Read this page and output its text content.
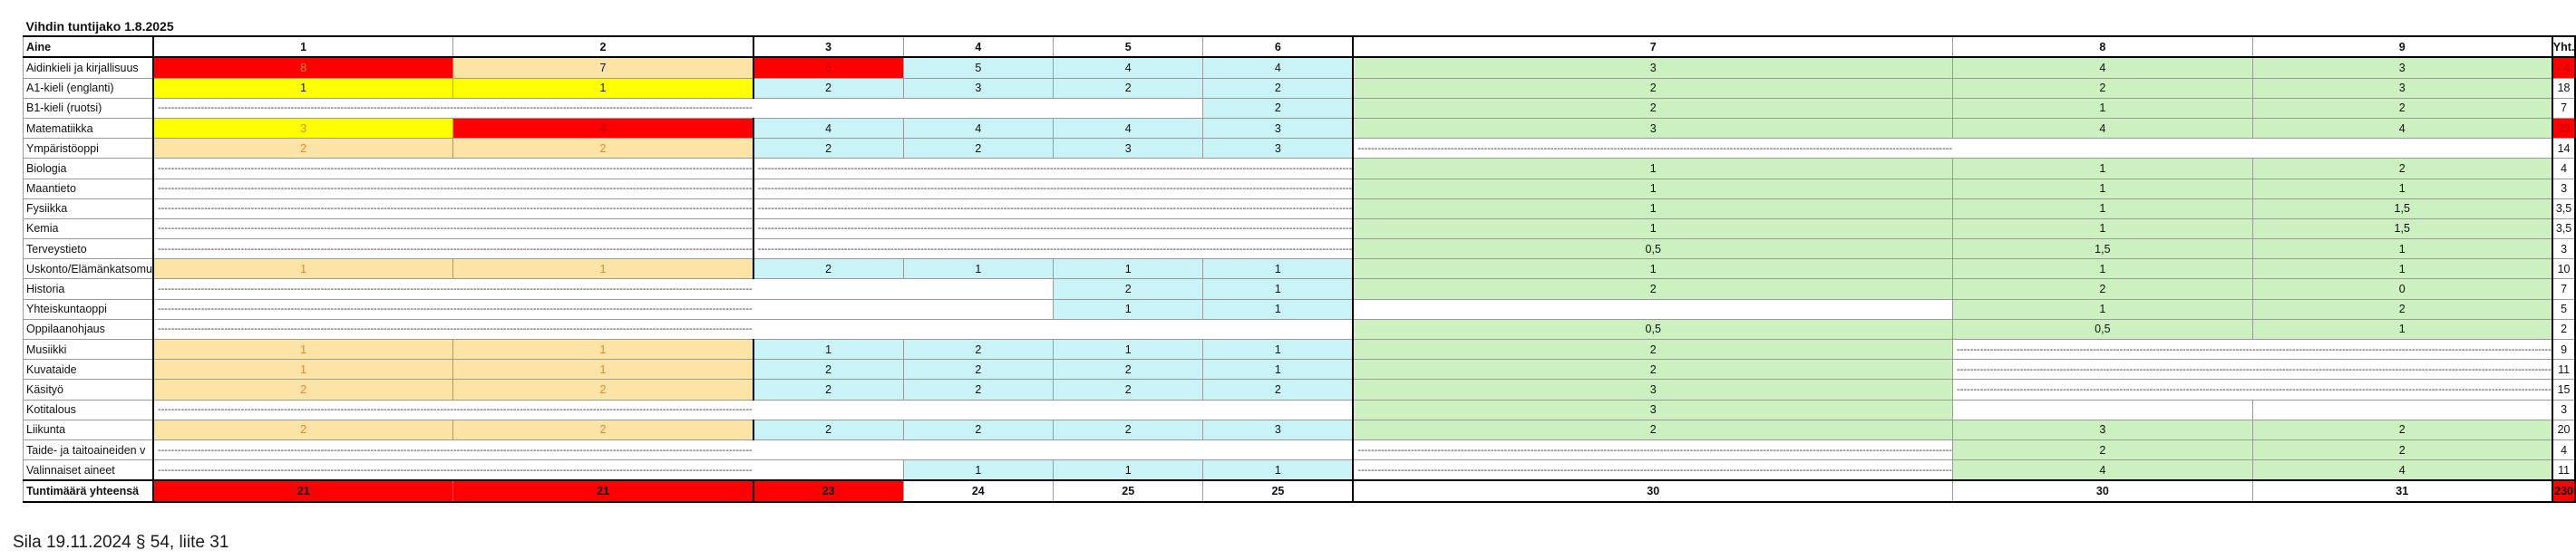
Vihdin tuntijako 1.8.2025										
Aine	1	2	3	4	5	6	7	8	9	Yht.
Aidinkieli ja kirjallisuus	8	7	6	5	4	4	3	4	3	44
A1-kieli (englanti)	1	1	2	3	2	2	2	2	3	18
B1-kieli (ruotsi)	-----------------------------------------------------------------------------------------------------------------------------------------------------------------------------------					2	2	1	2	7
Matematiikka	3	4	4	4	4	3	3	4	4	33
Ympäristöoppi	2	2	2	2	3	3	-----------------------------------------------------------------------------------------------------------------------------------------------------------------------------------			14
Biologia	-----------------------------------------------------------------------------------------------------------------------------------------------------------------------------------		-----------------------------------------------------------------------------------------------------------------------------------------------------------------------------------				1	1	2	4
Maantieto	-----------------------------------------------------------------------------------------------------------------------------------------------------------------------------------		-----------------------------------------------------------------------------------------------------------------------------------------------------------------------------------				1	1	1	3
Fysiikka	-----------------------------------------------------------------------------------------------------------------------------------------------------------------------------------		-----------------------------------------------------------------------------------------------------------------------------------------------------------------------------------				1	1	1,5	3,5
Kemia	-----------------------------------------------------------------------------------------------------------------------------------------------------------------------------------		-----------------------------------------------------------------------------------------------------------------------------------------------------------------------------------				1	1	1,5	3,5
Terveystieto	-----------------------------------------------------------------------------------------------------------------------------------------------------------------------------------		-----------------------------------------------------------------------------------------------------------------------------------------------------------------------------------				0,5	1,5	1	3
Uskonto/Elämänkatsomu	1	1	2	1	1	1	1	1	1	10
Historia	-----------------------------------------------------------------------------------------------------------------------------------------------------------------------------------				2	1	2	2	0	7
Yhteiskuntaoppi	-----------------------------------------------------------------------------------------------------------------------------------------------------------------------------------				1	1		1	2	5
Oppilaanohjaus	-----------------------------------------------------------------------------------------------------------------------------------------------------------------------------------						0,5	0,5	1	2
Musiikki	1	1	1	2	1	1	2	-----------------------------------------------------------------------------------------------------------------------------------------------------------------------------------		9
Kuvataide	1	1	2	2	2	1	2	-----------------------------------------------------------------------------------------------------------------------------------------------------------------------------------		11
Käsityö	2	2	2	2	2	2	3	-----------------------------------------------------------------------------------------------------------------------------------------------------------------------------------		15
Kotitalous	-----------------------------------------------------------------------------------------------------------------------------------------------------------------------------------						3			3
Liikunta	2	2	2	2	2	3	2	3	2	20
Taide- ja taitoaineiden v	-----------------------------------------------------------------------------------------------------------------------------------------------------------------------------------						-----------------------------------------------------------------------------------------------------------------------------------------------------------------------------------	2	2	4
Valinnaiset aineet	-----------------------------------------------------------------------------------------------------------------------------------------------------------------------------------			1	1	1	-----------------------------------------------------------------------------------------------------------------------------------------------------------------------------------	4	4	11
Tuntimäärä yhteensä	21	21	23	24	25	25	30	30	31	230
Sila 19.11.2024 § 54, liite 31
